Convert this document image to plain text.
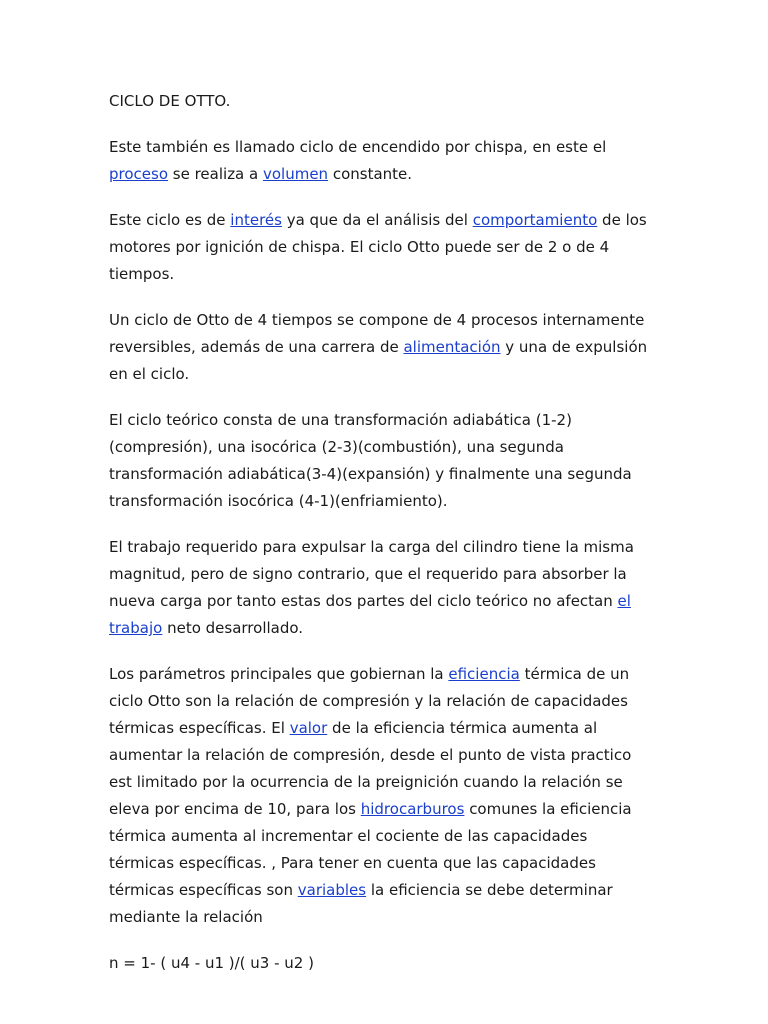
CICLO DE OTTO.

Este también es llamado ciclo de encendido por chispa, en este el proceso se realiza a volumen constante.

Este ciclo es de interés ya que da el análisis del comportamiento de los motores por ignición de chispa. El ciclo Otto puede ser de 2 o de 4 tiempos.

Un ciclo de Otto de 4 tiempos se compone de 4 procesos internamente reversibles, además de una carrera de alimentación y una de expulsión en el ciclo.

El ciclo teórico consta de una transformación adiabática (1-2) (compresión), una isocórica (2-3)(combustión), una segunda transformación adiabática(3-4)(expansión) y finalmente una segunda transformación isocórica (4-1)(enfriamiento).

El trabajo requerido para expulsar la carga del cilindro tiene la misma magnitud, pero de signo contrario, que el requerido para absorber la nueva carga por tanto estas dos partes del ciclo teórico no afectan el trabajo neto desarrollado.

Los parámetros principales que gobiernan la eficiencia térmica de un ciclo Otto son la relación de compresión y la relación de capacidades térmicas específicas. El valor de la eficiencia térmica aumenta al aumentar la relación de compresión, desde el punto de vista practico est limitado por la ocurrencia de la preignición cuando la relación se eleva por encima de 10, para los hidrocarburos comunes la eficiencia térmica aumenta al incrementar el cociente de las capacidades térmicas específicas. , Para tener en cuenta que las capacidades térmicas específicas son variables la eficiencia se debe determinar mediante la relación

n = 1- ( u4 - u1 )/( u3 - u2 )
